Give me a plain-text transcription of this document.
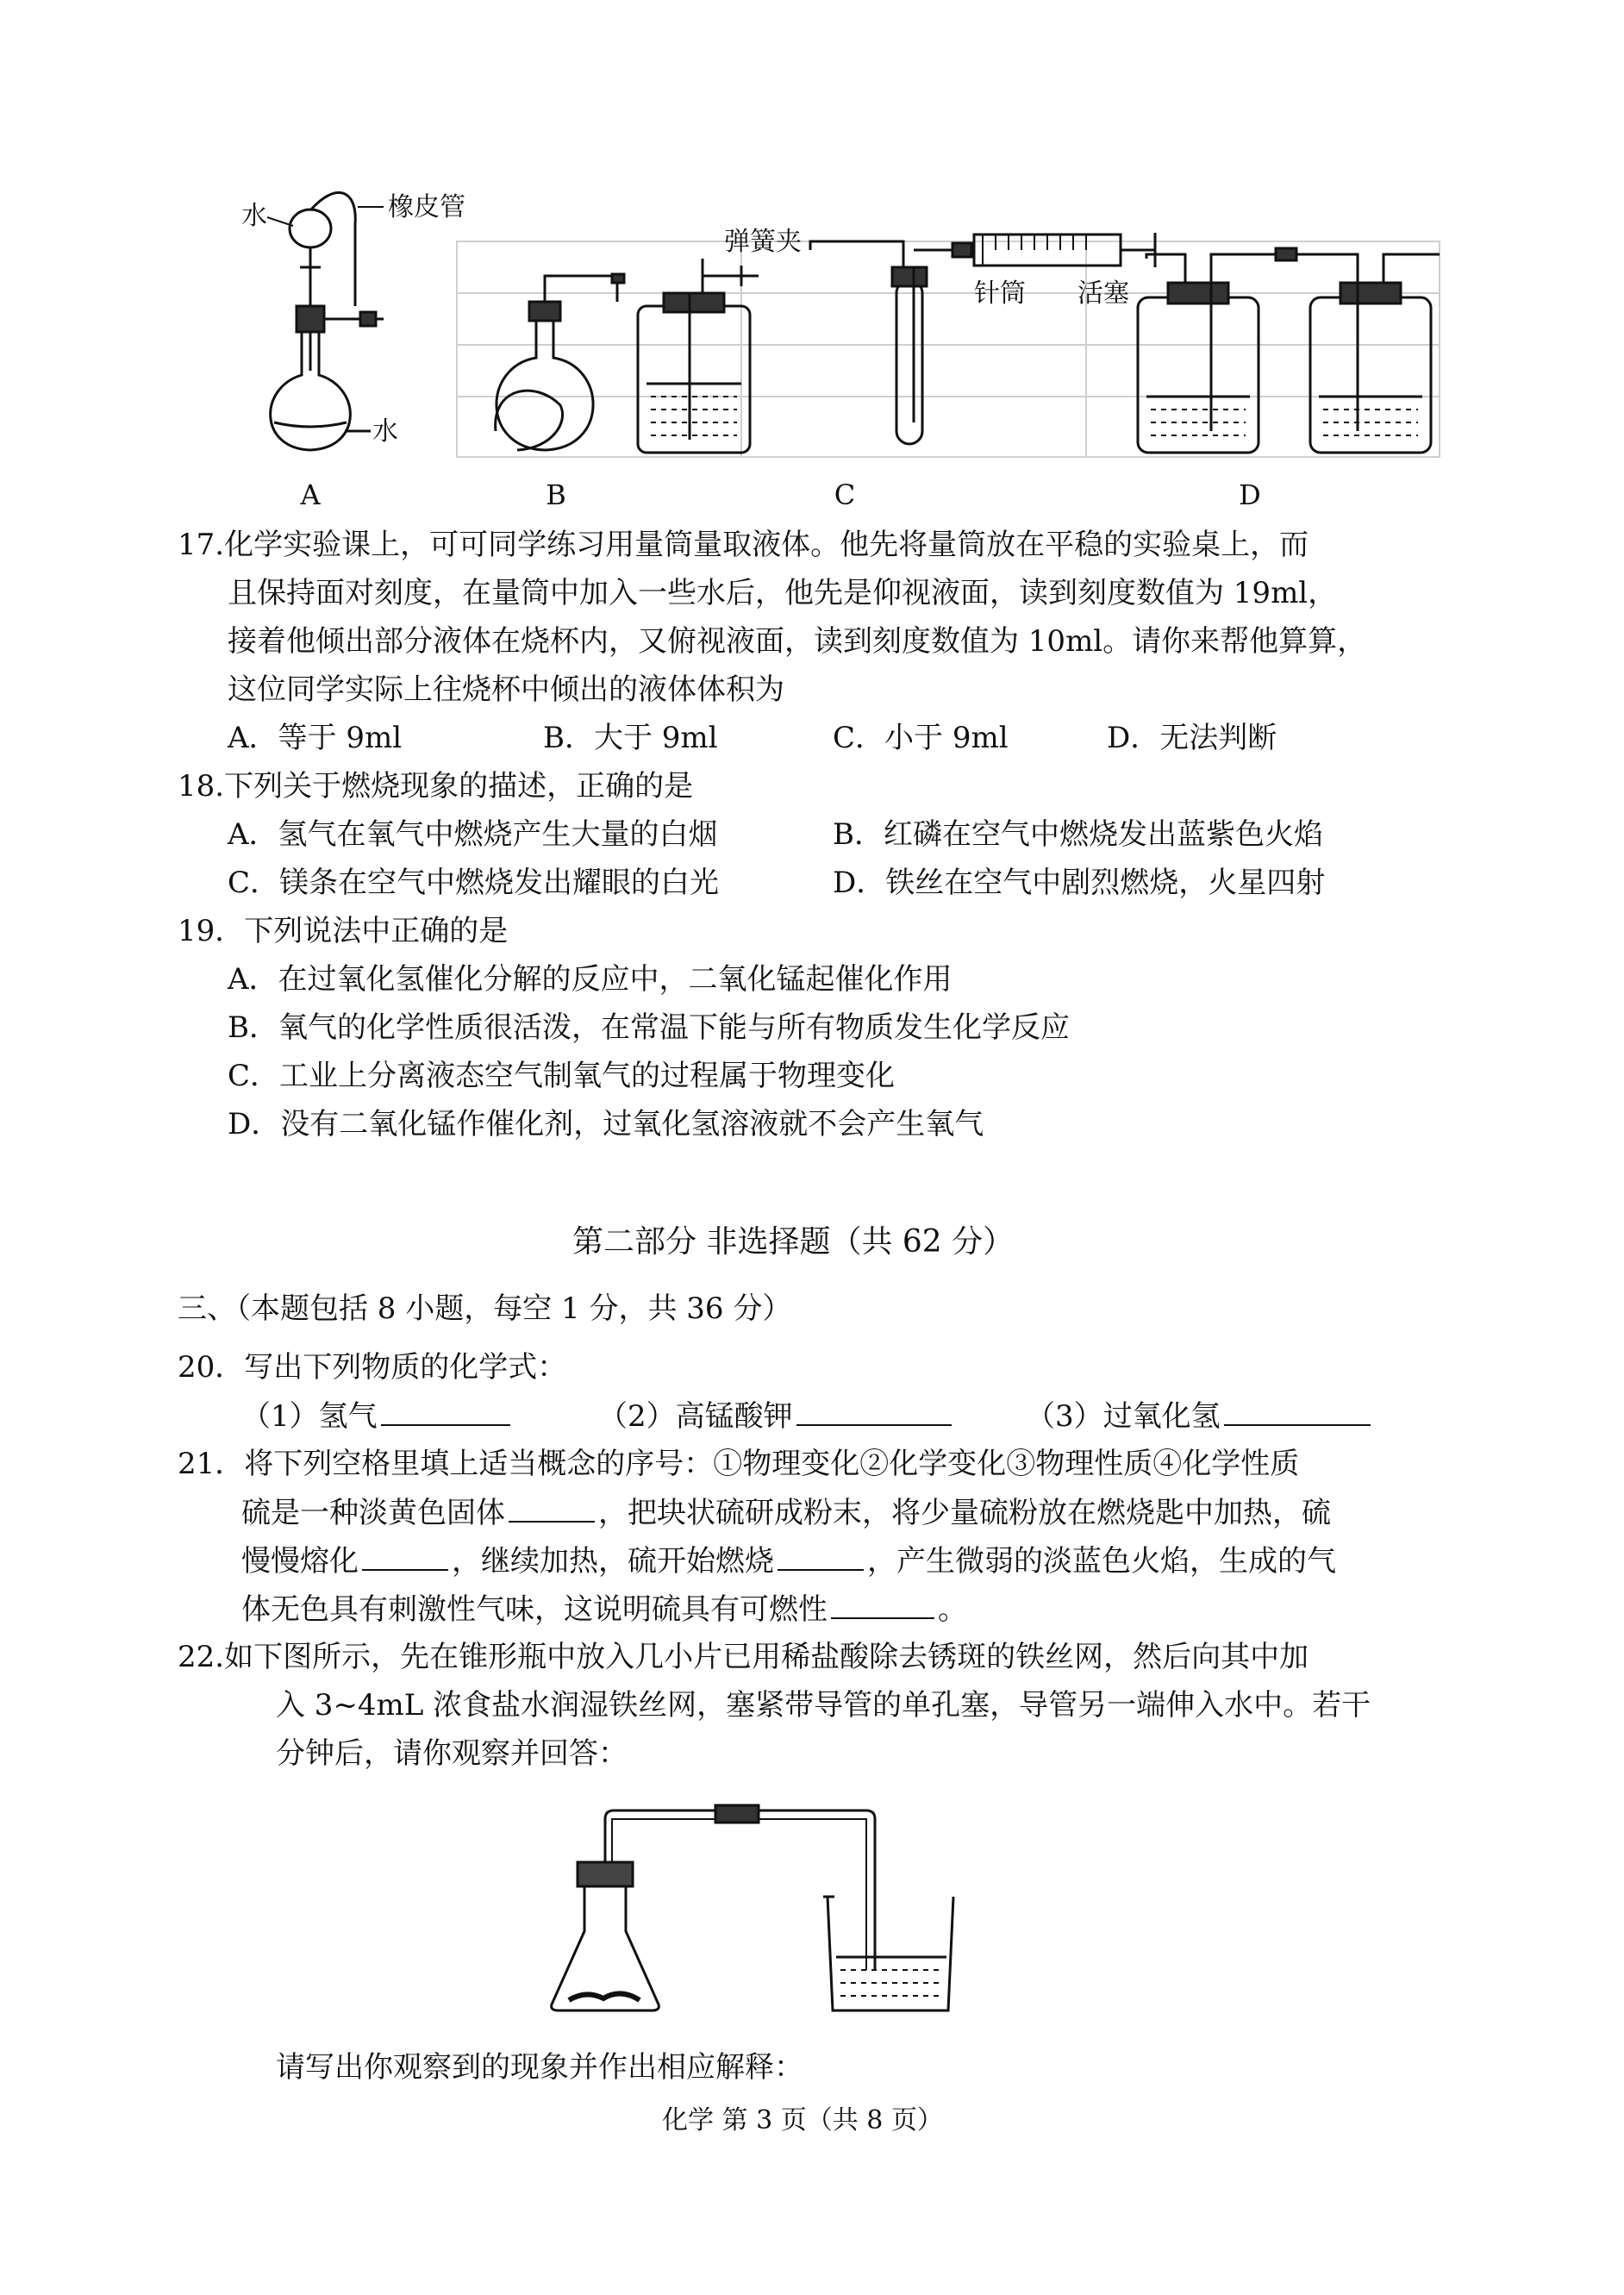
水	橡皮管
水
A
弹簧夹
B
针筒 活塞
C	D
17.化学实验课上，可可同学练习用量筒量取液体。他先将量筒放在平稳的实验桌上，而
且保持面对刻度，在量筒中加入一些水后，他先是仰视液面，读到刻度数值为 19ml，
接着他倾出部分液体在烧杯内，又俯视液面，读到刻度数值为 10ml。请你来帮他算算，
这位同学实际上往烧杯中倾出的液体体积为
A．等于 9ml	B．大于 9ml	C．小于 9ml	D．无法判断
18.下列关于燃烧现象的描述，正确的是
A．氢气在氧气中燃烧产生大量的白烟	B．红磷在空气中燃烧发出蓝紫色火焰
C．镁条在空气中燃烧发出耀眼的白光	D．铁丝在空气中剧烈燃烧，火星四射
19．下列说法中正确的是
A．在过氧化氢催化分解的反应中，二氧化锰起催化作用
B．氧气的化学性质很活泼，在常温下能与所有物质发生化学反应
C．工业上分离液态空气制氧气的过程属于物理变化
D．没有二氧化锰作催化剂，过氧化氢溶液就不会产生氧气
第二部分 非选择题（共 62 分）
三、（本题包括 8 小题，每空 1 分，共 36 分）
20．写出下列物质的化学式：
（1）氢气	（2）高锰酸钾	（3）过氧化氢
21．将下列空格里填上适当概念的序号：①物理变化②化学变化③物理性质④化学性质
硫是一种淡黄色固体	，把块状硫研成粉末，将少量硫粉放在燃烧匙中加热，硫
慢慢熔化	，继续加热，硫开始燃烧	，产生微弱的淡蓝色火焰，生成的气
体无色具有刺激性气味，这说明硫具有可燃性	。
22.如下图所示，先在锥形瓶中放入几小片已用稀盐酸除去锈斑的铁丝网，然后向其中加
入 3~4mL 浓食盐水润湿铁丝网，塞紧带导管的单孔塞，导管另一端伸入水中。若干
分钟后，请你观察并回答：
请写出你观察到的现象并作出相应解释：
化学 第 3 页（共 8 页）
